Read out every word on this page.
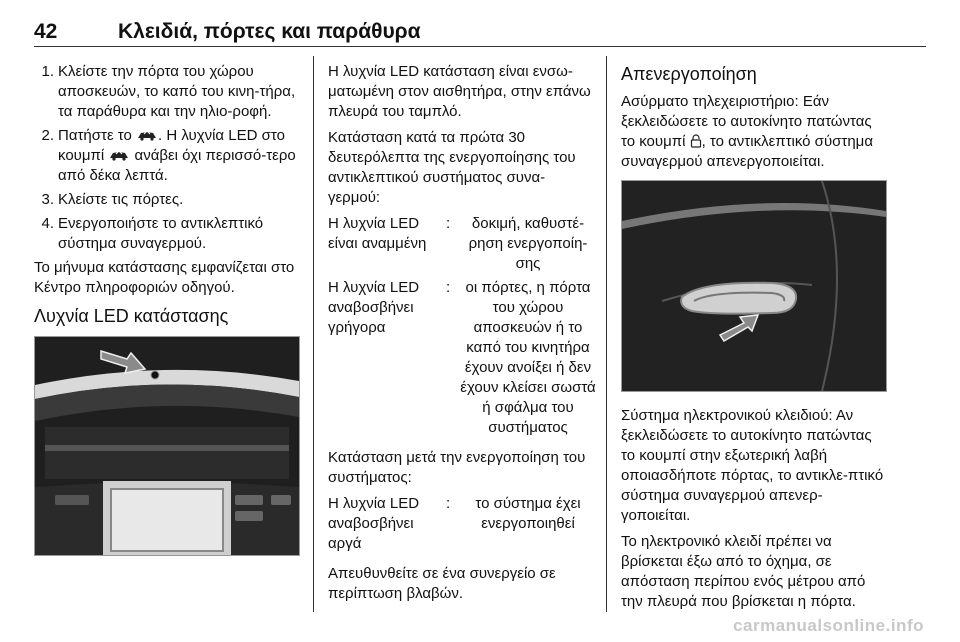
42	Κλειδιά, πόρτες και παράθυρα
1. Κλείστε την πόρτα του χώρου αποσκευών, το καπό του κινη-τήρα, τα παράθυρα και την ηλιο-ροφή.
2. Πατήστε το . Η λυχνία LED στο κουμπί  ανάβει όχι περισσό-τερο από δέκα λεπτά.
3. Κλείστε τις πόρτες.
4. Ενεργοποιήστε το αντικλεπτικό σύστημα συναγερμού.

Το μήνυμα κατάστασης εμφανίζεται στο Κέντρο πληροφοριών οδηγού.

Λυχνία LED κατάστασης

Η λυχνία LED κατάσταση είναι ενσω-ματωμένη στον αισθητήρα, στην επάνω πλευρά του ταμπλό.

Κατάσταση κατά τα πρώτα 30 δευτερόλεπτα της ενεργοποίησης του αντικλεπτικού συστήματος συνα-γερμού:

Η λυχνία LED είναι αναμμένη
:	δοκιμή, καθυστέ-ρηση ενεργοποίη-σης
Η λυχνία LED αναβοσβήνει γρήγορα
:	οι πόρτες, η πόρτα του χώρου αποσκευών ή το καπό του κινητήρα έχουν ανοίξει ή δεν έχουν κλείσει σωστά ή σφάλμα του συστήματος

Κατάσταση μετά την ενεργοποίηση του συστήματος:

Η λυχνία LED αναβοσβήνει αργά
:	το σύστημα έχει ενεργοποιηθεί

Απευθυνθείτε σε ένα συνεργείο σε περίπτωση βλαβών.

Απενεργοποίηση

Ασύρματο τηλεχειριστήριο: Εάν ξεκλειδώσετε το αυτοκίνητο πατώντας το κουμπί , το αντικλεπτικό σύστημα συναγερμού απενεργοποιείται.

Σύστημα ηλεκτρονικού κλειδιού: Αν ξεκλειδώσετε το αυτοκίνητο πατώντας το κουμπί στην εξωτερική λαβή οποιασδήποτε πόρτας, το αντικλε-πτικό σύστημα συναγερμού απενερ-γοποιείται.

Το ηλεκτρονικό κλειδί πρέπει να βρίσκεται έξω από το όχημα, σε απόσταση περίπου ενός μέτρου από την πλευρά που βρίσκεται η πόρτα.

carmanualsonline.info
